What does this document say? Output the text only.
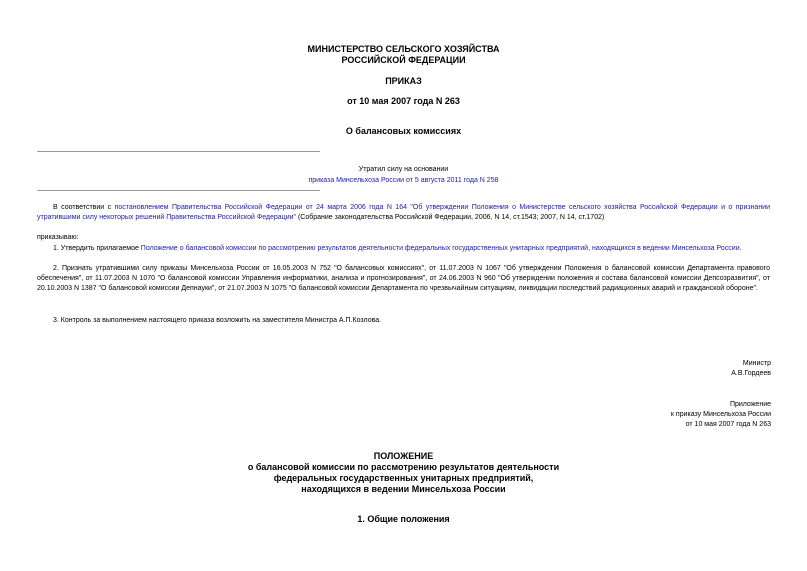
МИНИСТЕРСТВО СЕЛЬСКОГО ХОЗЯЙСТВА
РОССИЙСКОЙ ФЕДЕРАЦИИ
ПРИКАЗ
от 10 мая 2007 года N 263
О балансовых комиссиях
Утратил силу на основании
приказа Минсельхоза России от 5 августа 2011 года N 258
В соответствии с постановлением Правительства Российской Федерации от 24 марта 2006 года N 164 "Об утверждении Положения о Министерстве сельского хозяйства Российской Федерации и о признании утратившими силу некоторых решений Правительства Российской Федерации" (Собрание законодательства Российской Федерации, 2006, N 14, ст.1543; 2007, N 14, ст.1702)
приказываю:
1. Утвердить прилагаемое Положение о балансовой комиссии по рассмотрению результатов деятельности федеральных государственных унитарных предприятий, находящихся в ведении Минсельхоза России.
2. Признать утратившими силу приказы Минсельхоза России от 16.05.2003 N 752 "О балансовых комиссиях", от 11.07.2003 N 1067 "Об утверждении Положения о балансовой комиссии Департамента правового обеспечения", от 11.07.2003 N 1070 "О балансовой комиссии Управления информатики, анализа и прогнозирования", от 24.06.2003 N 960 "Об утверждении положения и состава балансовой комиссии Депсозразвития", от 20.10.2003 N 1387 "О балансовой комиссии Депнауки", от 21.07.2003 N 1075 "О балансовой комиссии Департамента по чрезвычайным ситуациям, ликвидации последствий радиационных аварий и гражданской обороне".
3. Контроль за выполнением настоящего приказа возложить на заместителя Министра А.П.Козлова.
Министр
А.В.Гордеев
Приложение
к приказу Минсельхоза России
от 10 мая 2007 года N 263
ПОЛОЖЕНИЕ
о балансовой комиссии по рассмотрению результатов деятельности
федеральных государственных унитарных предприятий,
находящихся в ведении Минсельхоза России
1. Общие положения
